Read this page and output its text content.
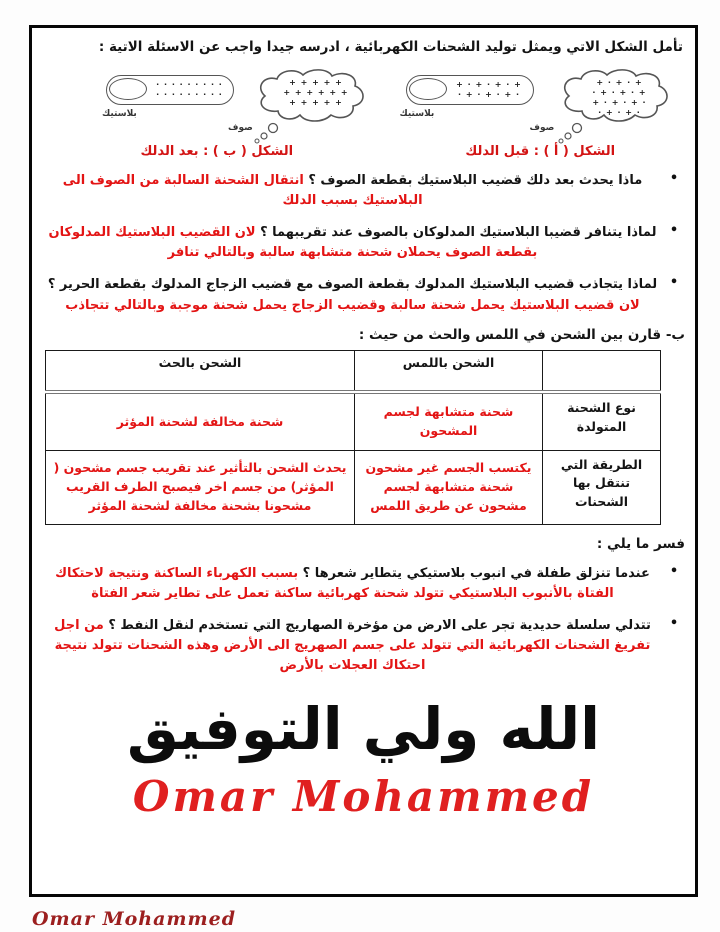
تأمل الشكل الاتي ويمثل توليد الشحنات الكهربائية ، ادرسه جيدا واجب عن الاسئلة الاتية :

+ · + · + · +
· + · + · + ·
بلاستيك
+ · + · +
· + · + · +
+ · + · + ·
· + · + ·
صوف

الشكل ( أ ) : قبل الدلك

· · · · · · · · ·
· · · · · · · · ·
بلاستيك
+ + + + +
+ + + + + +
+ + + + +
صوف

الشكل ( ب ) : بعد الدلك

•

ماذا يحدث بعد دلك قضيب البلاستيك بقطعة الصوف ؟ انتقال الشحنة السالبة من الصوف الى البلاستيك بسبب الدلك

•

لماذا يتنافر قضيبا البلاستيك المدلوكان بالصوف عند تقريبهما ؟ لان القضيب البلاستيك المدلوكان بقطعة الصوف يحملان شحنة متشابهة سالبة وبالتالي تنافر

•

لماذا يتجاذب قضيب البلاستيك المدلوك بقطعة الصوف مع قضيب الزجاج المدلوك بقطعة الحرير ؟ لان قضيب البلاستيك يحمل شحنة سالبة وقضيب الزجاج يحمل شحنة موجبة وبالتالي تتجاذب

ب- قارن بين الشحن في اللمس والحث من حيث :

	الشحن باللمس	الشحن بالحث
نوع الشحنة المتولدة	شحنة متشابهة لجسم المشحون	شحنة مخالفة لشحنة المؤثر
الطريقة التي تنتقل بها الشحنات	يكتسب الجسم غير مشحون شحنة متشابهة لجسم مشحون عن طريق اللمس	يحدث الشحن بالتأثير عند تقريب جسم مشحون ( المؤثر) من جسم اخر فيصبح الطرف القريب مشحونا بشحنة مخالفة لشحنة المؤثر

فسر ما يلي :

•

عندما تنزلق طفلة في انبوب بلاستيكي يتطاير شعرها ؟ بسبب الكهرباء الساكنة ونتيجة لاحتكاك الفتاة بالأنبوب البلاستيكي تتولد شحنة كهربائية ساكنة تعمل على تطاير شعر الفتاة

•

تتدلي سلسلة حديدية تجر على الارض من مؤخرة الصهاريج التي تستخدم لنقل النفط ؟ من اجل تفريغ الشحنات الكهربائية التي تتولد على جسم الصهريج الى الأرض وهذه الشحنات تتولد نتيجة احتكاك العجلات بالأرض

الله ولي التوفيق
Omar Mohammed
Omar Mohammed
